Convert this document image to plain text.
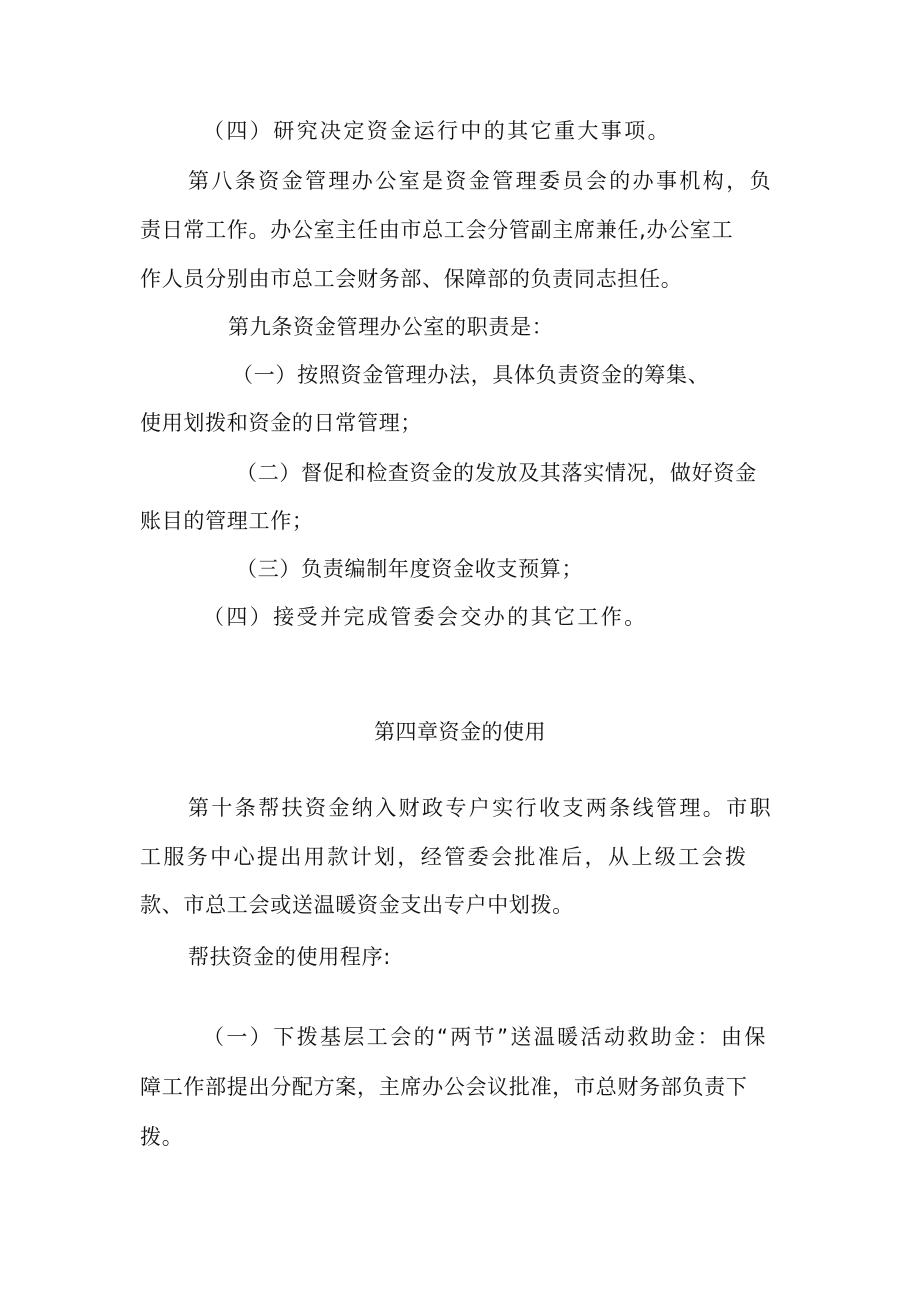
（四）研究决定资金运行中的其它重大事项。

第八条资金管理办公室是资金管理委员会的办事机构，负

责日常工作。办公室主任由市总工会分管副主席兼任,办公室工

作人员分别由市总工会财务部、保障部的负责同志担任。

第九条资金管理办公室的职责是：

（一）按照资金管理办法，具体负责资金的筹集、

使用划拨和资金的日常管理；

（二）督促和检查资金的发放及其落实情况，做好资金

账目的管理工作；

（三）负责编制年度资金收支预算；

（四）接受并完成管委会交办的其它工作。

第四章资金的使用

第十条帮扶资金纳入财政专户实行收支两条线管理。市职

工服务中心提出用款计划，经管委会批准后，从上级工会拨

款、市总工会或送温暖资金支出专户中划拨。

帮扶资金的使用程序:

（一）下拨基层工会的“两节”送温暖活动救助金：由保

障工作部提出分配方案，主席办公会议批准，市总财务部负责下

拨。
